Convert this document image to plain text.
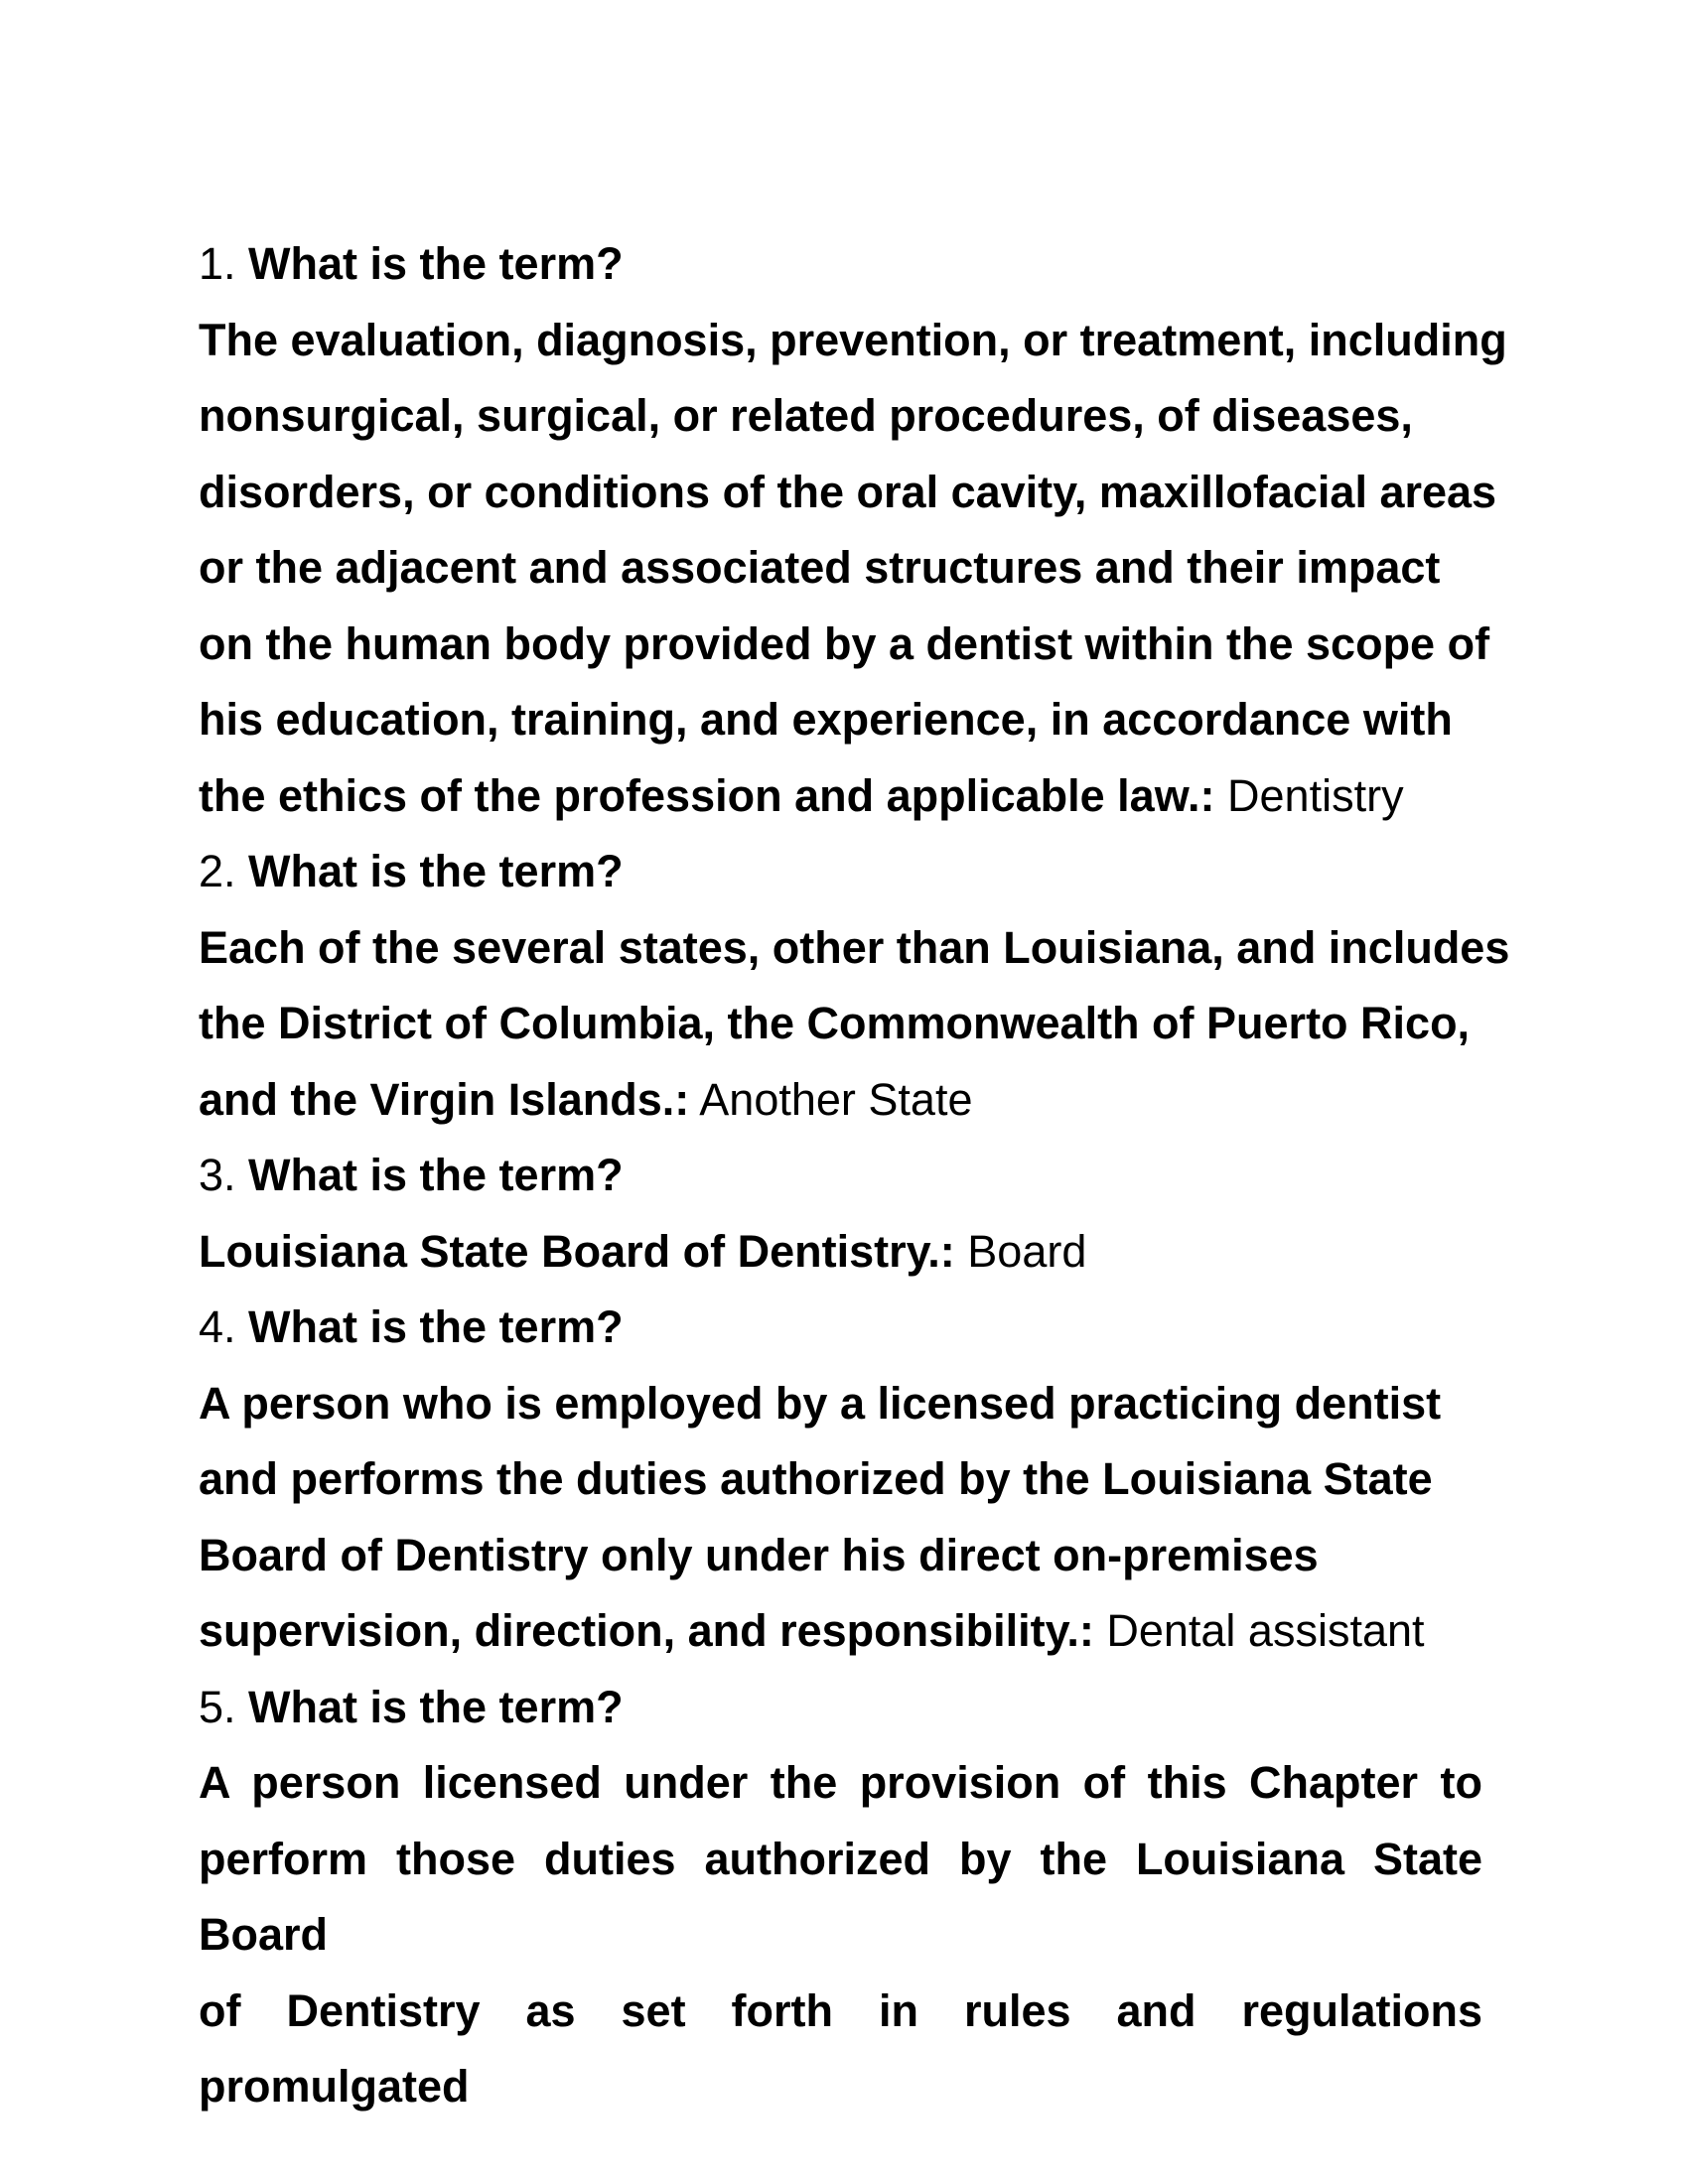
1. What is the term?
The evaluation, diagnosis, prevention, or treatment, including
nonsurgical, surgical, or related procedures, of diseases,
disorders, or conditions of the oral cavity, maxillofacial areas
or the adjacent and associated structures and their impact
on the human body provided by a dentist within the scope of
his education, training, and experience, in accordance with
the ethics of the profession and applicable law.: Dentistry
2. What is the term?
Each of the several states, other than Louisiana, and includes
the District of Columbia, the Commonwealth of Puerto Rico,
and the Virgin Islands.: Another State
3. What is the term?
Louisiana State Board of Dentistry.: Board
4. What is the term?
A person who is employed by a licensed practicing dentist
and performs the duties authorized by the Louisiana State
Board of Dentistry only under his direct on-premises
supervision, direction, and responsibility.: Dental assistant
5. What is the term?
A person licensed under the provision of this Chapter to
perform those duties authorized by the Louisiana State Board
of Dentistry as set forth in rules and regulations promulgated
